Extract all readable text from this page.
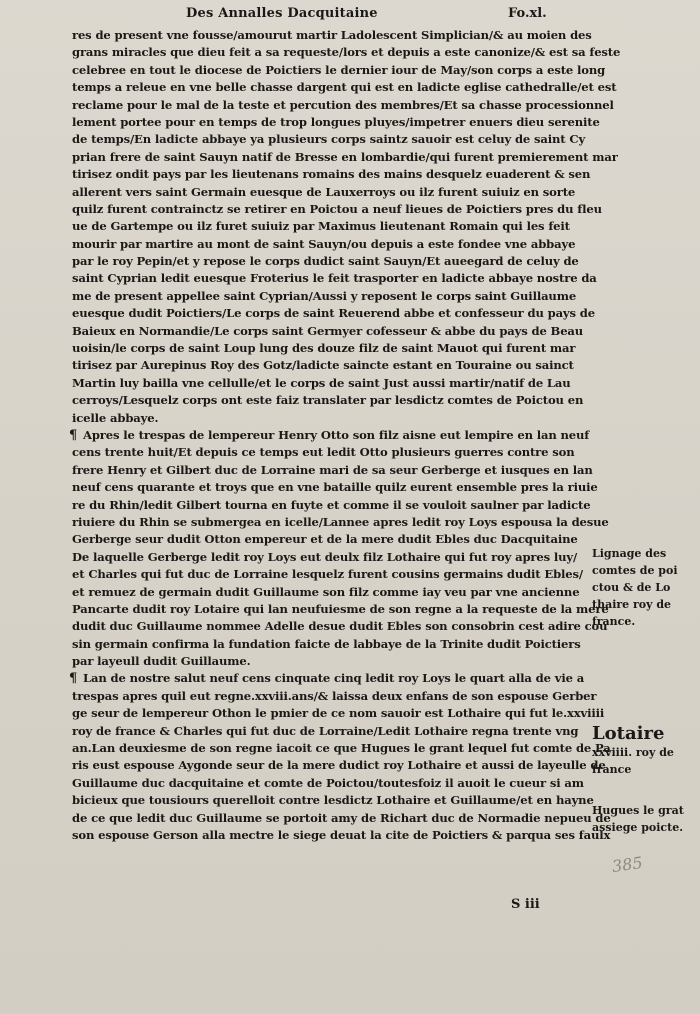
Des Annalles Dacquitaine	Fo.xl.
res de present vne fousse/amourut martir Ladolescent Simplician/& au moien des
grans miracles que dieu feit a sa requeste/lors et depuis a este canonize/& est sa feste
celebree en tout le diocese de Poictiers le dernier iour de May/son corps a este long
temps a releue en vne belle chasse dargent qui est en ladicte eglise cathedralle/et est
reclame pour le mal de la teste et percution des membres/Et sa chasse processionnel
lement portee pour en temps de trop longues pluyes/impetrer enuers dieu serenite
de temps/En ladicte abbaye ya plusieurs corps saintz sauoir est celuy de saint Cy
prian frere de saint Sauyn natif de Bresse en lombardie/qui furent premierement mar
tirisez ondit pays par les lieutenans romains des mains desquelz euaderent & sen
allerent vers saint Germain euesque de Lauxerroys ou ilz furent suiuiz en sorte
quilz furent contrainctz se retirer en Poictou a neuf lieues de Poictiers pres du fleu
ue de Gartempe ou ilz furet suiuiz par Maximus lieutenant Romain qui les feit
mourir par martire au mont de saint Sauyn/ou depuis a este fondee vne abbaye
par le roy Pepin/et y repose le corps dudict saint Sauyn/Et aueegard de celuy de
saint Cyprian ledit euesque Froterius le feit trasporter en ladicte abbaye nostre da
me de present appellee saint Cyprian/Aussi y reposent le corps saint Guillaume
euesque dudit Poictiers/Le corps de saint Reuerend abbe et confesseur du pays de
Baieux en Normandie/Le corps saint Germyer cofesseur & abbe du pays de Beau
uoisin/le corps de saint Loup lung des douze filz de saint Mauot qui furent mar
tirisez par Aurepinus Roy des Gotz/ladicte saincte estant en Touraine ou sainct
Martin luy bailla vne cellulle/et le corps de saint Just aussi martir/natif de Lau
cerroys/Lesquelz corps ont este faiz translater par lesdictz comtes de Poictou en
icelle abbaye.
¶ Apres le trespas de lempereur Henry Otto son filz aisne eut lempire en lan neuf
cens trente huit/Et depuis ce temps eut ledit Otto plusieurs guerres contre son
frere Henry et Gilbert duc de Lorraine mari de sa seur Gerberge et iusques en lan
neuf cens quarante et troys que en vne bataille quilz eurent ensemble pres la riuie
re du Rhin/ledit Gilbert tourna en fuyte et comme il se vouloit saulner par ladicte
riuiere du Rhin se submergea en icelle/Lannee apres ledit roy Loys espousa la desue
Gerberge seur dudit Otton empereur et de la mere dudit Ebles duc Dacquitaine
De laquelle Gerberge ledit roy Loys eut deulx filz Lothaire qui fut roy apres luy/
et Charles qui fut duc de Lorraine lesquelz furent cousins germains dudit Ebles/
et remuez de germain dudit Guillaume son filz comme iay veu par vne ancienne
Pancarte dudit roy Lotaire qui lan neufuiesme de son regne a la requeste de la mere
dudit duc Guillaume nommee Adelle desue dudit Ebles son consobrin cest adire cou
sin germain confirma la fundation faicte de labbaye de la Trinite dudit Poictiers
par layeull dudit Guillaume.
¶ Lan de nostre salut neuf cens cinquate cinq ledit roy Loys le quart alla de vie a
trespas apres quil eut regne.xxviii.ans/& laissa deux enfans de son espouse Gerber
ge seur de lempereur Othon le pmier de ce nom sauoir est Lothaire qui fut le.xxviiii
roy de france & Charles qui fut duc de Lorraine/Ledit Lothaire regna trente vng
an.Lan deuxiesme de son regne iacoit ce que Hugues le grant lequel fut comte de Pa
ris eust espouse Aygonde seur de la mere dudict roy Lothaire et aussi de layeulle de
Guillaume duc dacquitaine et comte de Poictou/toutesfoiz il auoit le cueur si am
bicieux que tousiours querelloit contre lesdictz Lothaire et Guillaume/et en hayne
de ce que ledit duc Guillaume se portoit amy de Richart duc de Normadie nepueu de
son espouse Gerson alla mectre le siege deuat la cite de Poictiers & parqua ses faulx
Lignage des
comtes de poi
ctou & de Lo
thaire roy de
france.
Lotaire
xxviiii. roy de
france
Hugues le grat
assiege poicte.
385
S iii
